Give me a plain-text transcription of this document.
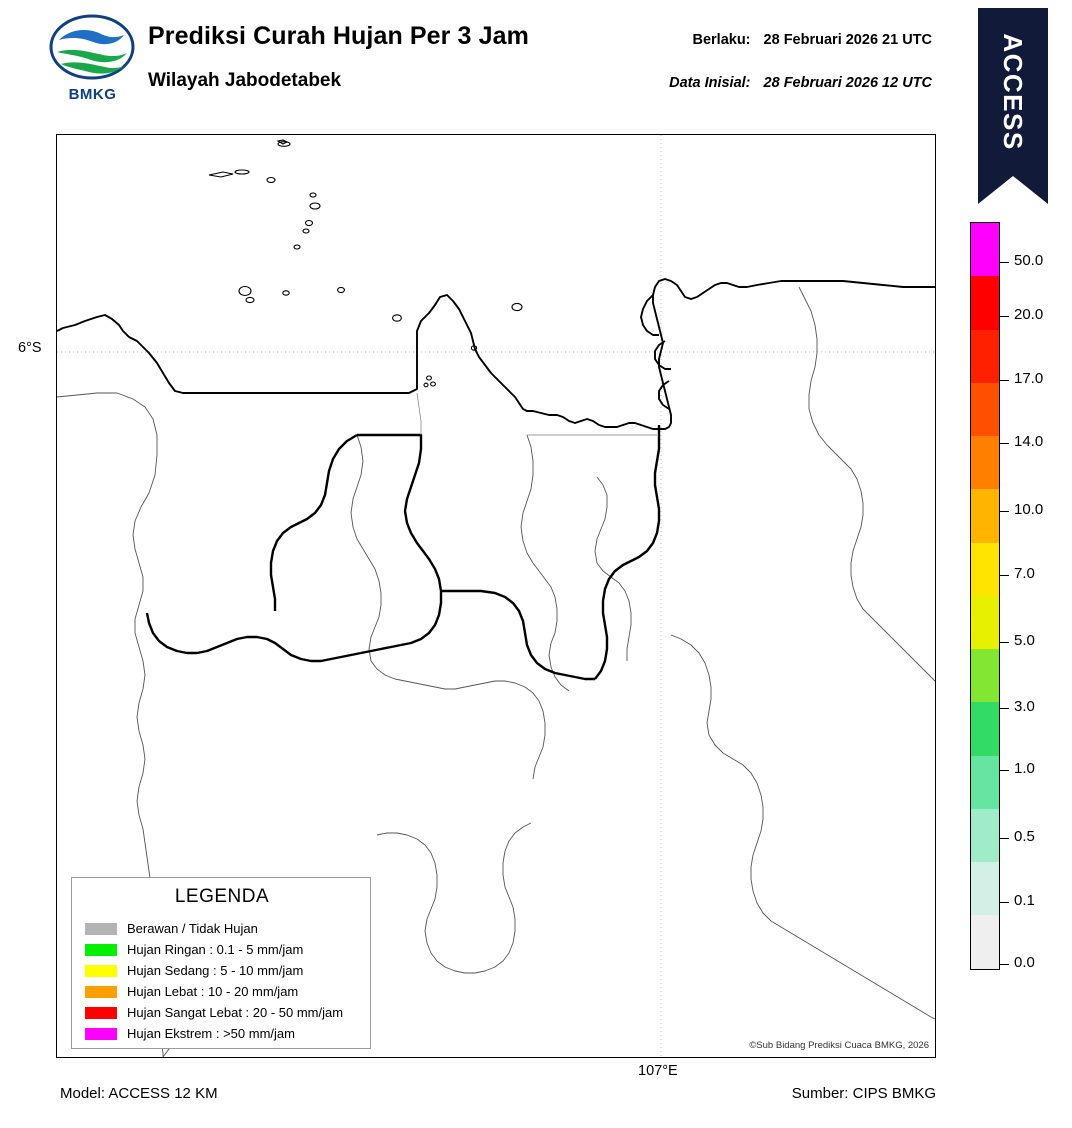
BMKG
Prediksi Curah Hujan Per 3 Jam
Wilayah Jabodetabek
Berlaku: 28 Februari 2026 21 UTC
Data Inisial: 28 Februari 2026 12 UTC	ACCESS
LEGENDA
Berawan / Tidak Hujan
Hujan Ringan : 0.1 - 5 mm/jam
Hujan Sedang : 5 - 10 mm/jam
Hujan Lebat : 10 - 20 mm/jam
Hujan Sangat Lebat : 20 - 50 mm/jam
Hujan Ekstrem : >50 mm/jam
©Sub Bidang Prediksi Cuaca BMKG, 2026
6°S
107°E
50.0
20.0
17.0
14.0
10.0
7.0
5.0
3.0
1.0
0.5
0.1
0.0
Model: ACCESS 12 KM	Sumber: CIPS BMKG
